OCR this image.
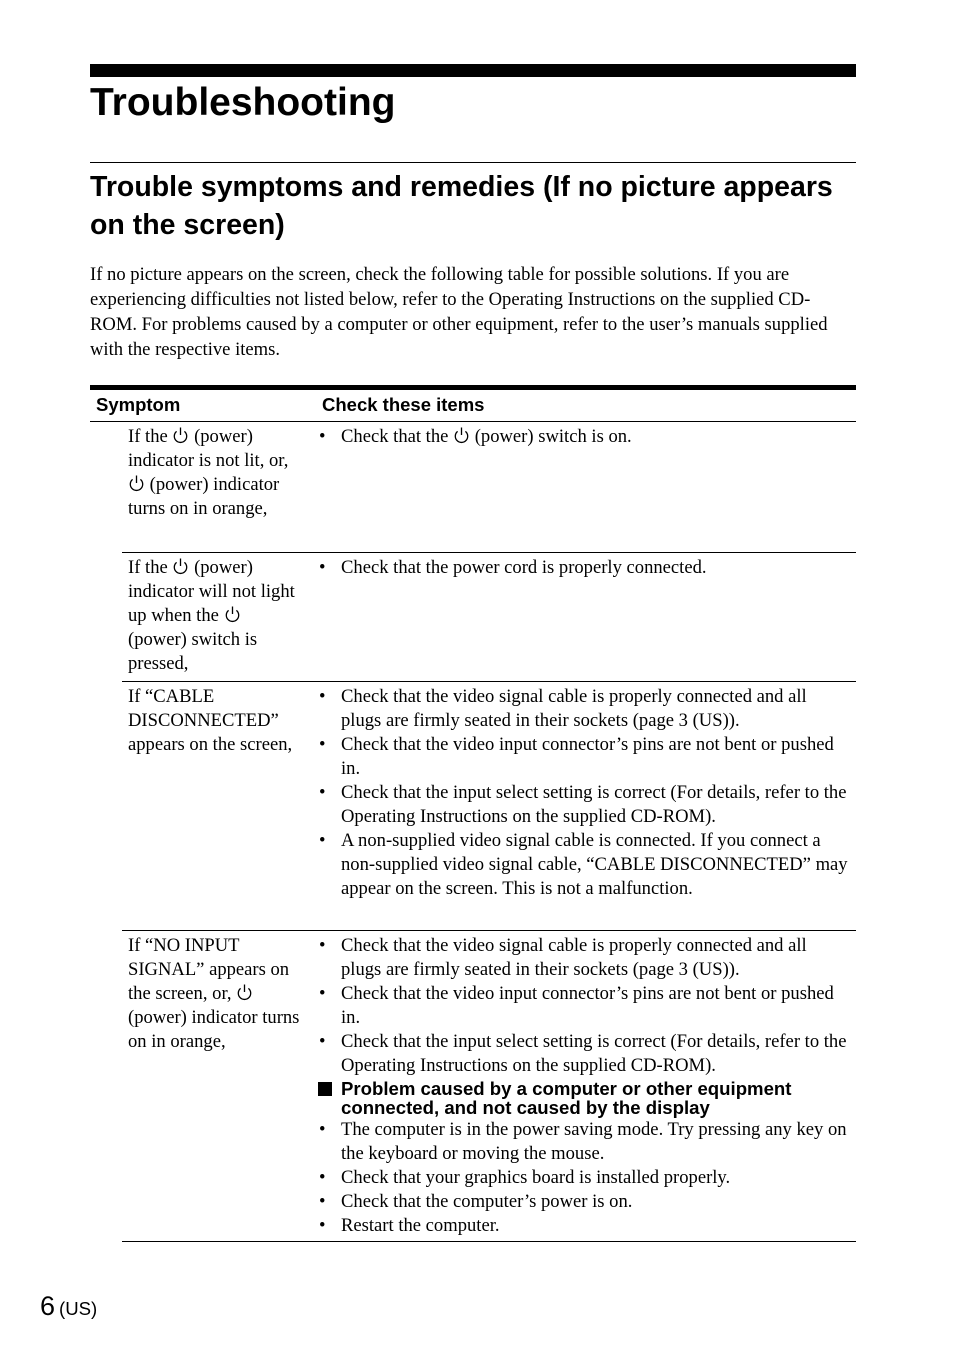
Troubleshooting
Trouble symptoms and remedies (If no picture appears on the screen)

If no picture appears on the screen, check the following table for possible solutions. If you are experiencing difficulties not listed below, refer to the Operating Instructions on the supplied CD-ROM. For problems caused by a computer or other equipment, refer to the user’s manuals supplied with the respective items.

Symptom	Check these items
If the (power) indicator is not lit, or,
(power) indicator turns on in orange,
• Check that the (power) switch is on.
If the (power) indicator will not light up when the
(power) switch is pressed,
• Check that the power cord is properly connected.
If “CABLE DISCONNECTED” appears on the screen,
• Check that the video signal cable is properly connected and all plugs are firmly seated in their sockets (page 3 (US)).
• Check that the video input connector’s pins are not bent or pushed in.
• Check that the input select setting is correct (For details, refer to the Operating Instructions on the supplied CD-ROM).
• A non-supplied video signal cable is connected. If you connect a non-supplied video signal cable, “CABLE DISCONNECTED” may appear on the screen. This is not a malfunction.
If “NO INPUT SIGNAL” appears on the screen, or,
(power) indicator turns on in orange,
• Check that the video signal cable is properly connected and all plugs are firmly seated in their sockets (page 3 (US)).
• Check that the video input connector’s pins are not bent or pushed in.
• Check that the input select setting is correct (For details, refer to the Operating Instructions on the supplied CD-ROM).
Problem caused by a computer or other equipment connected, and not caused by the display
• The computer is in the power saving mode. Try pressing any key on the keyboard or moving the mouse.
• Check that your graphics board is installed properly.
• Check that the computer’s power is on.
• Restart the computer.
6 (US)
